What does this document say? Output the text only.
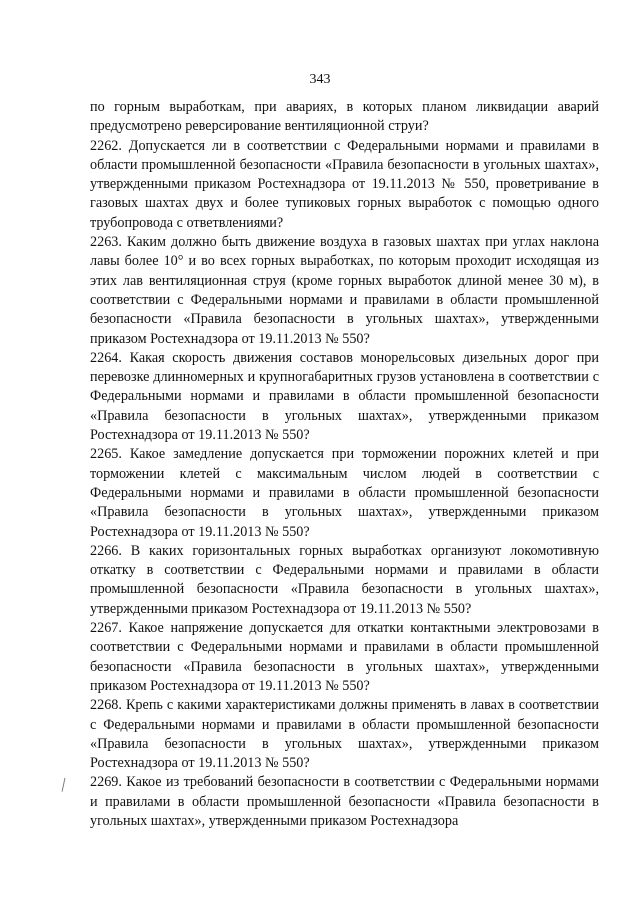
343

по горным выработкам, при авариях, в которых планом ликвидации аварий предусмотрено реверсирование вентиляционной струи?

2262. Допускается ли в соответствии с Федеральными нормами и правилами в области промышленной безопасности «Правила безопасности в угольных шахтах», утвержденными приказом Ростехнадзора от 19.11.2013 № 550, проветривание в газовых шахтах двух и более тупиковых горных выработок с помощью одного трубопровода с ответвлениями?

2263. Каким должно быть движение воздуха в газовых шахтах при углах наклона лавы более 10° и во всех горных выработках, по которым проходит исходящая из этих лав вентиляционная струя (кроме горных выработок длиной менее 30 м), в соответствии с Федеральными нормами и правилами в области промышленной безопасности «Правила безопасности в угольных шахтах», утвержденными приказом Ростехнадзора от 19.11.2013 № 550?

2264. Какая скорость движения составов монорельсовых дизельных дорог при перевозке длинномерных и крупногабаритных грузов установлена в соответствии с Федеральными нормами и правилами в области промышленной безопасности «Правила безопасности в угольных шахтах», утвержденными приказом Ростехнадзора от 19.11.2013 № 550?

2265. Какое замедление допускается при торможении порожних клетей и при торможении клетей с максимальным числом людей в соответствии с Федеральными нормами и правилами в области промышленной безопасности «Правила безопасности в угольных шахтах», утвержденными приказом Ростехнадзора от 19.11.2013 № 550?

2266. В каких горизонтальных горных выработках организуют локомотивную откатку в соответствии с Федеральными нормами и правилами в области промышленной безопасности «Правила безопасности в угольных шахтах», утвержденными приказом Ростехнадзора от 19.11.2013 № 550?

2267. Какое напряжение допускается для откатки контактными электровозами в соответствии с Федеральными нормами и правилами в области промышленной безопасности «Правила безопасности в угольных шахтах», утвержденными приказом Ростехнадзора от 19.11.2013 № 550?

2268. Крепь с какими характеристиками должны применять в лавах в соответствии с Федеральными нормами и правилами в области промышленной безопасности «Правила безопасности в угольных шахтах», утвержденными приказом Ростехнадзора от 19.11.2013 № 550?

2269. Какое из требований безопасности в соответствии с Федеральными нормами и правилами в области промышленной безопасности «Правила безопасности в угольных шахтах», утвержденными приказом Ростехнадзора
